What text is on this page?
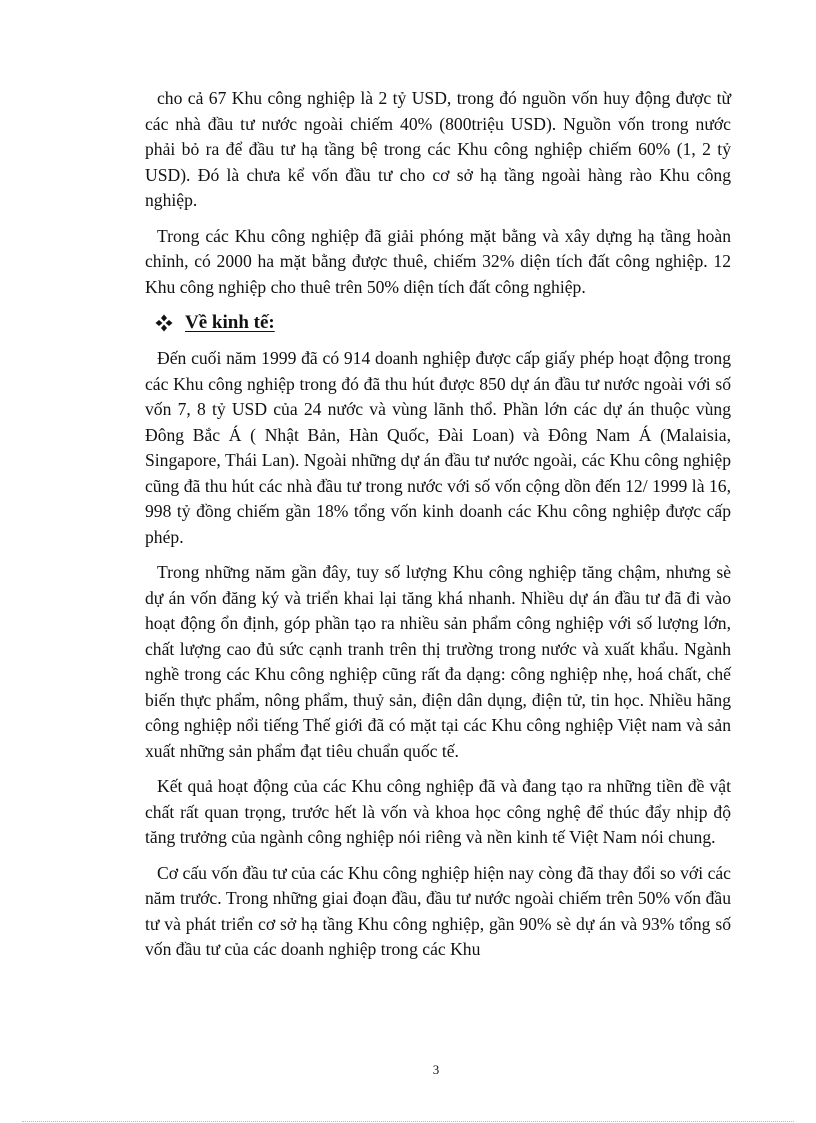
cho cả 67 Khu công nghiệp là 2 tỷ USD, trong đó nguồn vốn huy động được từ các nhà đầu tư nước ngoài chiếm 40% (800triệu USD). Nguồn vốn trong nước phải bỏ ra để đầu tư hạ tầng bệ trong các Khu công nghiệp chiếm 60% (1, 2 tỷ USD). Đó là chưa kể vốn đầu tư cho cơ sở hạ tầng ngoài hàng rào Khu công nghiệp.

Trong các Khu công nghiệp đã giải phóng mặt bằng và xây dựng hạ tầng hoàn chỉnh, có 2000 ha mặt bằng được thuê, chiếm 32% diện tích đất công nghiệp. 12 Khu công nghiệp cho thuê trên 50% diện tích đất công nghiệp.

Về kinh tế:

Đến cuối năm 1999 đã có 914 doanh nghiệp được cấp giấy phép hoạt động trong các Khu công nghiệp trong đó đã thu hút được 850 dự án đầu tư nước ngoài với số vốn 7, 8 tỷ USD của 24 nước và vùng lãnh thổ. Phần lớn các dự án thuộc vùng Đông Bắc Á ( Nhật Bản, Hàn Quốc, Đài Loan) và Đông Nam Á (Malaisia, Singapore, Thái Lan). Ngoài những dự án đầu tư nước ngoài, các Khu công nghiệp cũng đã thu hút các nhà đầu tư trong nước với số vốn cộng dồn đến 12/ 1999 là 16, 998 tỷ đồng chiếm gần 18% tổng vốn kinh doanh các Khu công nghiệp được cấp phép.

Trong những năm gần đây, tuy số lượng Khu công nghiệp tăng chậm, nhưng sè dự án vốn đăng ký và triển khai lại tăng khá nhanh. Nhiều dự án đầu tư đã đi vào hoạt động ổn định, góp phần tạo ra nhiều sản phẩm công nghiệp với số lượng lớn, chất lượng cao đủ sức cạnh tranh trên thị trường trong nước và xuất khẩu. Ngành nghề trong các Khu công nghiệp cũng rất đa dạng: công nghiệp nhẹ, hoá chất, chế biến thực phẩm, nông phẩm, thuỷ sản, điện dân dụng, điện tử, tin học. Nhiều hãng công nghiệp nổi tiếng Thế giới đã có mặt tại các Khu công nghiệp Việt nam và sản xuất những sản phẩm đạt tiêu chuẩn quốc tế.

Kết quả hoạt động của các Khu công nghiệp đã và đang tạo ra những tiền đề vật chất rất quan trọng, trước hết là vốn và khoa học công nghệ để thúc đẩy nhịp độ tăng trưởng của ngành công nghiệp nói riêng và nền kinh tế Việt Nam nói chung.

Cơ cấu vốn đầu tư của các Khu công nghiệp hiện nay còng đã thay đổi so với các năm trước. Trong những giai đoạn đầu, đầu tư nước ngoài chiếm trên 50% vốn đầu tư và phát triển cơ sở hạ tầng Khu công nghiệp, gần 90% sè dự án và 93% tổng số vốn đầu tư của các doanh nghiệp trong các Khu

3
